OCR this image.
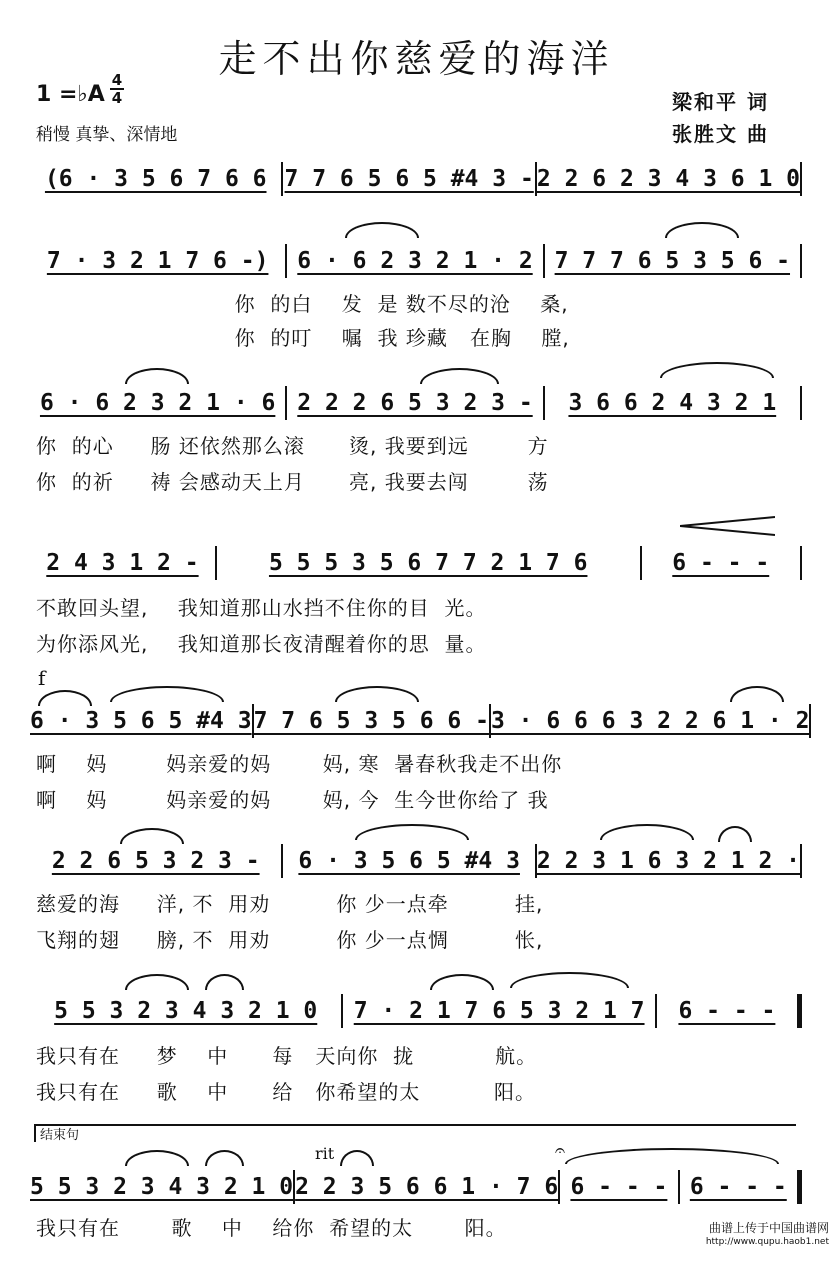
走不出你慈爱的海洋
1 =♭A
4
4
稍慢 真挚、深情地
梁和平 词
张胜文 曲
(6 · 3 5 6 7 6 6 7 7 6 5 6 5 #4 3 - 2 2 6 2 3 4 3 6 1 0
7 · 3 2 1 7 6 -)	6 · 6 2 3 2 1 · 2 7 7 7 6 5 3 5 6 -
你  的白    发  是 数不尽的沧    桑,
你  的叮    嘱  我 珍藏   在胸    膛,
6 · 6 2 3 2 1 · 6 2 2 2 6 5 3 2 3 -	3 6 6 2 4 3 2 1
你  的心     肠 还依然那么滚      烫, 我要到远        方
你  的祈     祷 会感动天上月      亮, 我要去闯        荡
2 4 3 1 2 -	5 5 5 3 5 6 7 7 2 1 7 6	6 - - -
不敢回头望,    我知道那山水挡不住你的目  光。
为你添风光,    我知道那长夜清醒着你的思  量。
f
6 · 3 5 6 5 #4 3 7 7 6 5 3 5 6 6 - 3 · 6 6 6 3 2 2 6 1 · 2
啊    妈        妈亲爱的妈       妈, 寒  暑春秋我走不出你
啊    妈        妈亲爱的妈       妈, 今  生今世你给了 我
2 2 6 5 3 2 3 -	6 · 3 5 6 5 #4 3 2 2 3 1 6 3 2 1 2 ·
慈爱的海     洋, 不  用劝         你 少一点牵         挂,
飞翔的翅     膀, 不  用劝         你 少一点惆         怅,
5 5 3 2 3 4 3 2 1 0	7 · 2 1 7 6 5 3 2 1 7	6 - - -
我只有在     梦    中      每   天向你  拢           航。
我只有在     歌    中      给   你希望的太          阳。
结束句
rit	𝄐
5 5 3 2 3 4 3 2 1 0 2 2 3 5 6 6 1 · 7 6 6 - - - 6 - - -
我只有在       歌    中    给你  希望的太       阳。	曲谱上传于中国曲谱网
http://www.qupu.haob1.net
